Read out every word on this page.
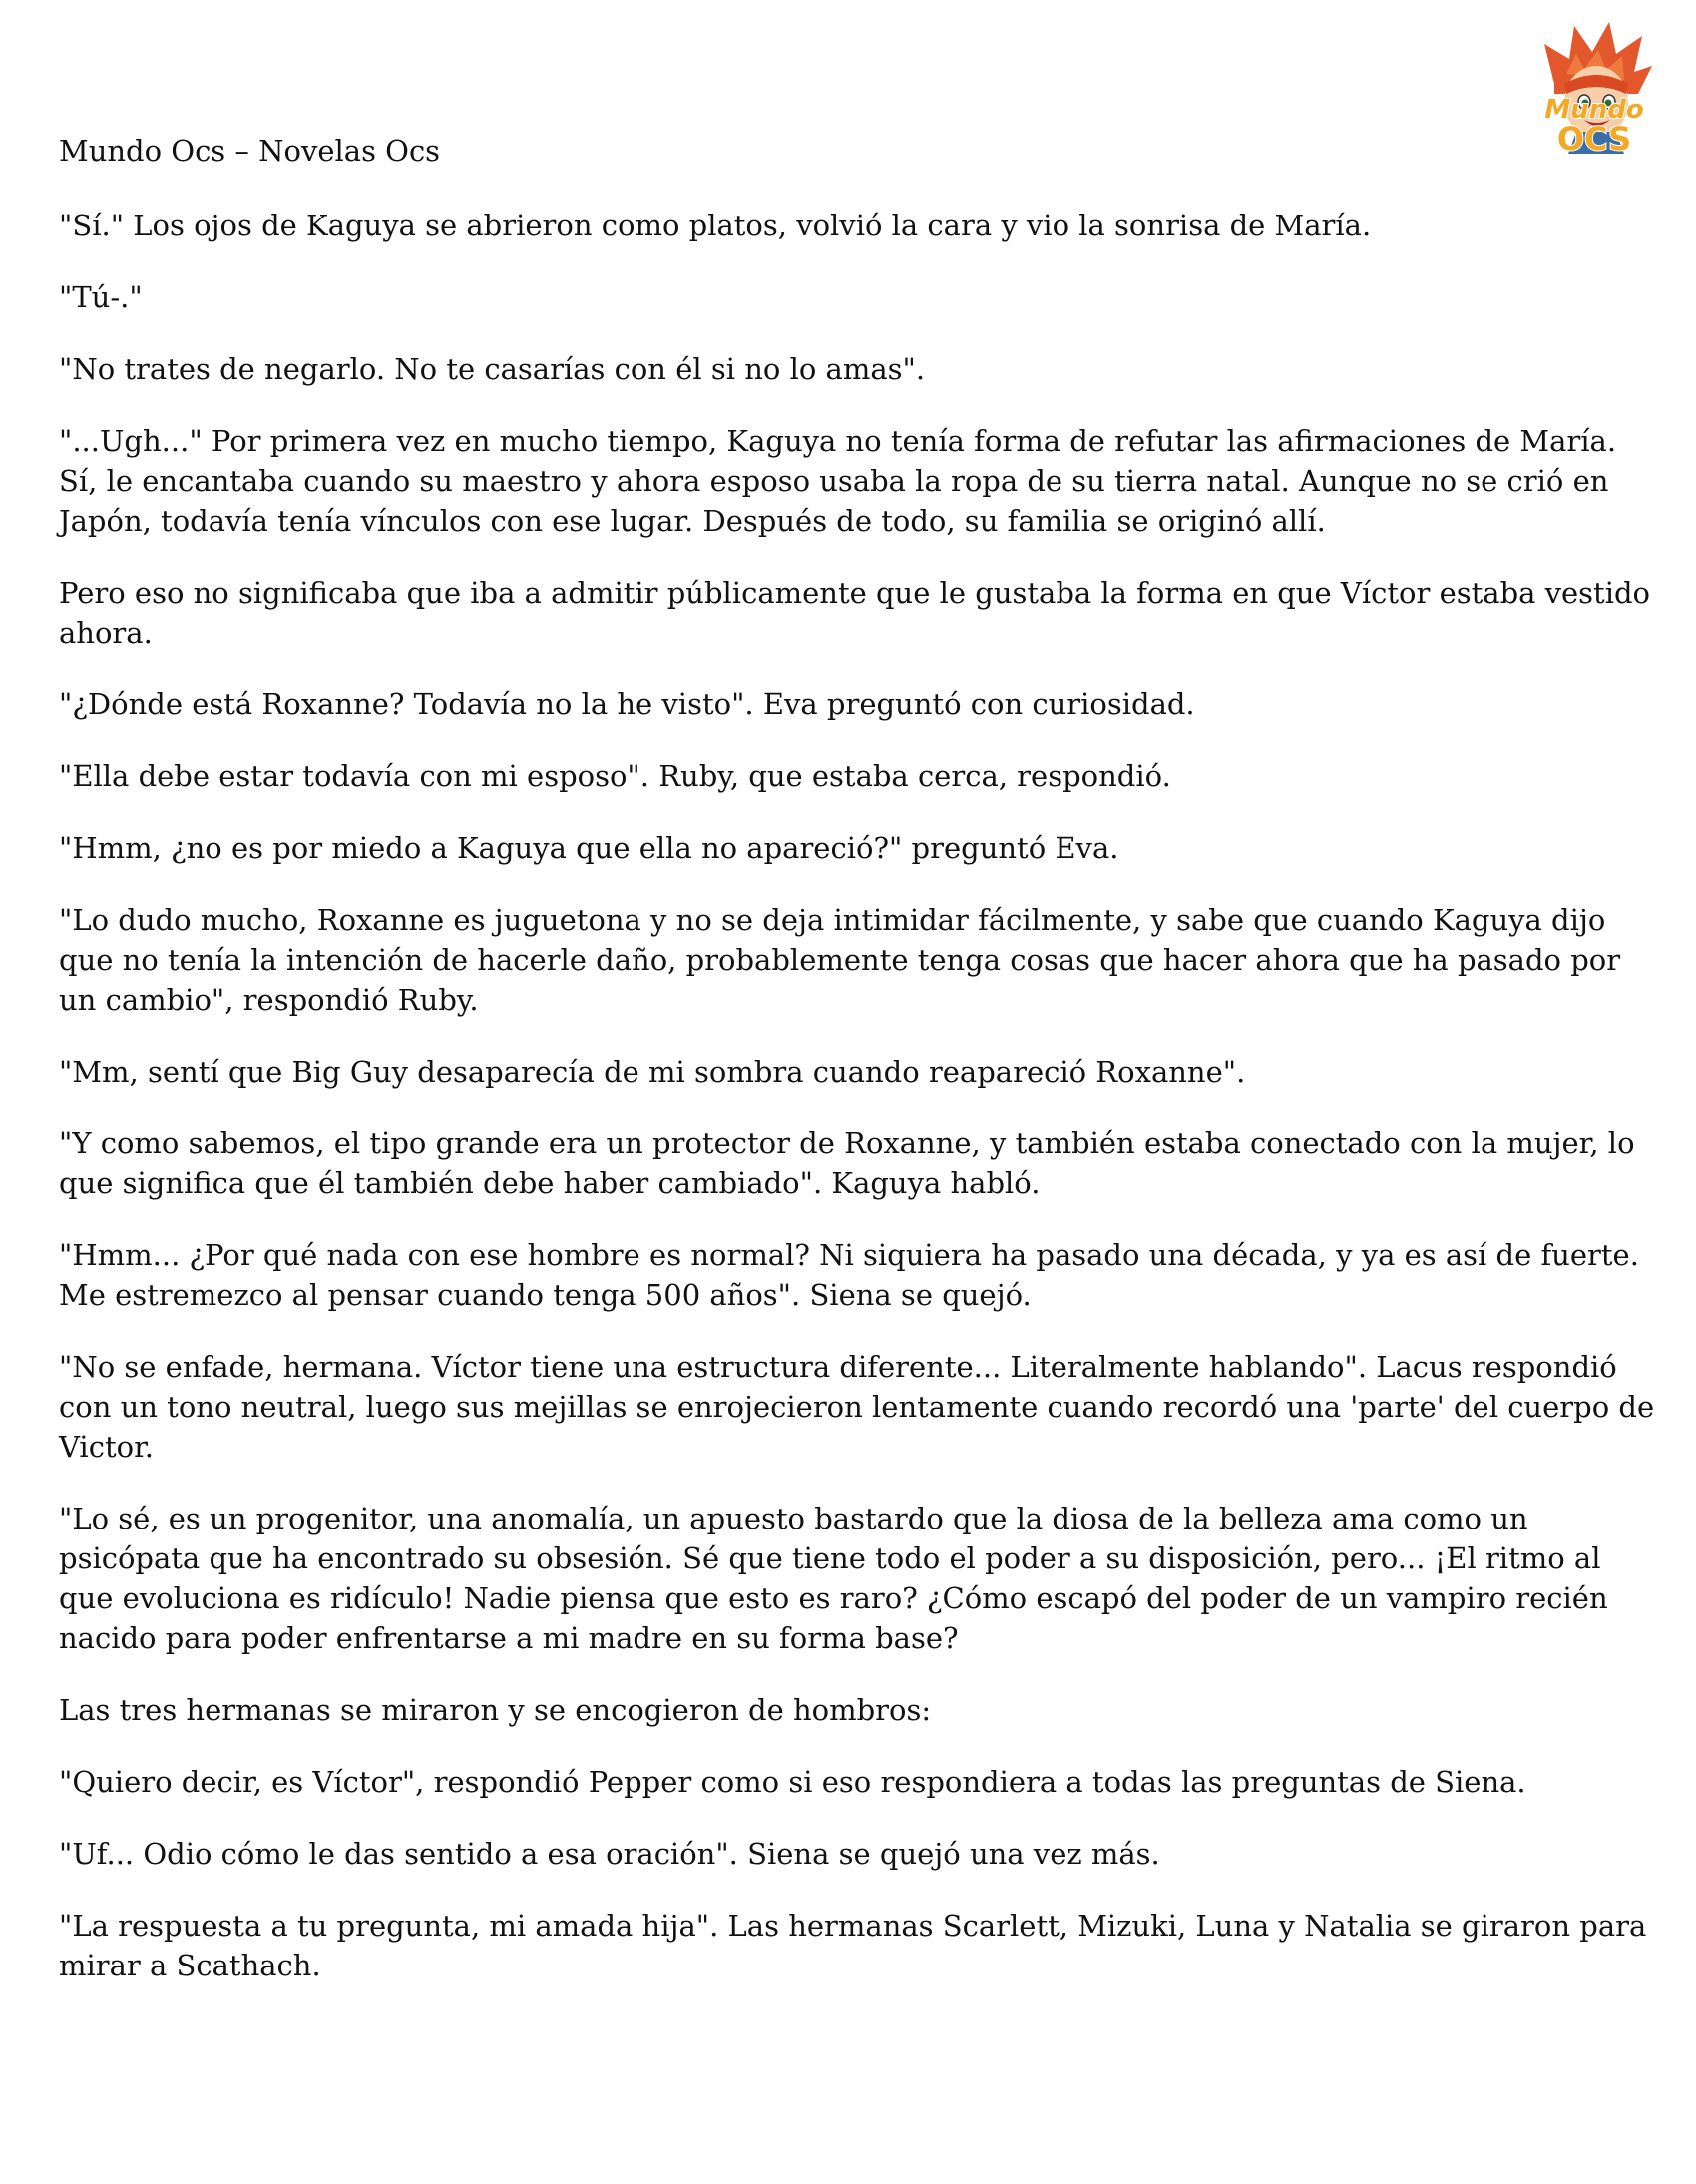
Mundo
OCS
Mundo Ocs – Novelas Ocs

"Sí." Los ojos de Kaguya se abrieron como platos, volvió la cara y vio la sonrisa de María.

"Tú-."

"No trates de negarlo. No te casarías con él si no lo amas".

"...Ugh..." Por primera vez en mucho tiempo, Kaguya no tenía forma de refutar las afirmaciones de María. Sí, le encantaba cuando su maestro y ahora esposo usaba la ropa de su tierra natal. Aunque no se crió en Japón, todavía tenía vínculos con ese lugar. Después de todo, su familia se originó allí.

Pero eso no significaba que iba a admitir públicamente que le gustaba la forma en que Víctor estaba vestido ahora.

"¿Dónde está Roxanne? Todavía no la he visto". Eva preguntó con curiosidad.

"Ella debe estar todavía con mi esposo". Ruby, que estaba cerca, respondió.

"Hmm, ¿no es por miedo a Kaguya que ella no apareció?" preguntó Eva.

"Lo dudo mucho, Roxanne es juguetona y no se deja intimidar fácilmente, y sabe que cuando Kaguya dijo que no tenía la intención de hacerle daño, probablemente tenga cosas que hacer ahora que ha pasado por un cambio", respondió Ruby.

"Mm, sentí que Big Guy desaparecía de mi sombra cuando reapareció Roxanne".

"Y como sabemos, el tipo grande era un protector de Roxanne, y también estaba conectado con la mujer, lo que significa que él también debe haber cambiado". Kaguya habló.

"Hmm... ¿Por qué nada con ese hombre es normal? Ni siquiera ha pasado una década, y ya es así de fuerte. Me estremezco al pensar cuando tenga 500 años". Siena se quejó.

"No se enfade, hermana. Víctor tiene una estructura diferente... Literalmente hablando". Lacus respondió con un tono neutral, luego sus mejillas se enrojecieron lentamente cuando recordó una 'parte' del cuerpo de Victor.

"Lo sé, es un progenitor, una anomalía, un apuesto bastardo que la diosa de la belleza ama como un psicópata que ha encontrado su obsesión. Sé que tiene todo el poder a su disposición, pero... ¡El ritmo al que evoluciona es ridículo! Nadie piensa que esto es raro? ¿Cómo escapó del poder de un vampiro recién nacido para poder enfrentarse a mi madre en su forma base?

Las tres hermanas se miraron y se encogieron de hombros:

"Quiero decir, es Víctor", respondió Pepper como si eso respondiera a todas las preguntas de Siena.

"Uf... Odio cómo le das sentido a esa oración". Siena se quejó una vez más.

"La respuesta a tu pregunta, mi amada hija". Las hermanas Scarlett, Mizuki, Luna y Natalia se giraron para mirar a Scathach.
